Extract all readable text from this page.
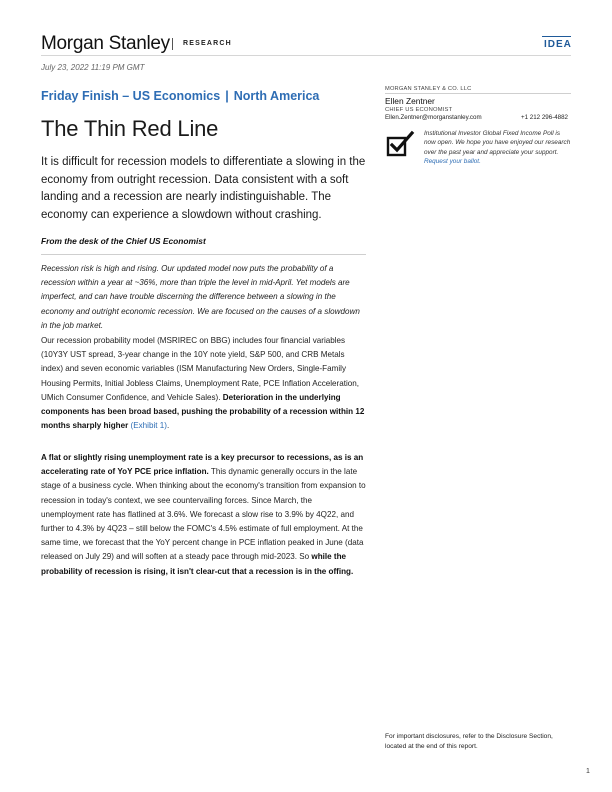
Morgan Stanley RESEARCH	IDEA
July 23, 2022 11:19 PM GMT
Friday Finish – US Economics | North America
The Thin Red Line
It is difficult for recession models to differentiate a slowing in the economy from outright recession. Data consistent with a soft landing and a recession are nearly indistinguishable. The economy can experience a slowdown without crashing.
From the desk of the Chief US Economist
Recession risk is high and rising. Our updated model now puts the probability of a recession within a year at ~36%, more than triple the level in mid-April. Yet models are imperfect, and can have trouble discerning the difference between a slowing in the economy and outright economic recession. We are focused on the causes of a slowdown in the job market.
Our recession probability model (MSRIREC on BBG) includes four financial variables (10Y3Y UST spread, 3-year change in the 10Y note yield, S&P 500, and CRB Metals index) and seven economic variables (ISM Manufacturing New Orders, Single-Family Housing Permits, Initial Jobless Claims, Unemployment Rate, PCE Inflation Acceleration, UMich Consumer Confidence, and Vehicle Sales). Deterioration in the underlying components has been broad based, pushing the probability of a recession within 12 months sharply higher (Exhibit 1).
A flat or slightly rising unemployment rate is a key precursor to recessions, as is an accelerating rate of YoY PCE price inflation. This dynamic generally occurs in the late stage of a business cycle. When thinking about the economy's transition from expansion to recession in today's context, we see countervailing forces. Since March, the unemployment rate has flatlined at 3.6%. We forecast a slow rise to 3.9% by 4Q22, and further to 4.3% by 4Q23 – still below the FOMC's 4.5% estimate of full employment. At the same time, we forecast that the YoY percent change in PCE inflation peaked in June (data released on July 29) and will soften at a steady pace through mid-2023. So while the probability of recession is rising, it isn't clear-cut that a recession is in the offing.
MORGAN STANLEY & CO. LLC
Ellen Zentner
CHIEF US ECONOMIST
Ellen.Zentner@morganstanley.com	+1 212 296-4882
Institutional Investor Global Fixed Income Poll is now open. We hope you have enjoyed our research over the past year and appreciate your support. Request your ballot.
For important disclosures, refer to the Disclosure Section, located at the end of this report.
1
